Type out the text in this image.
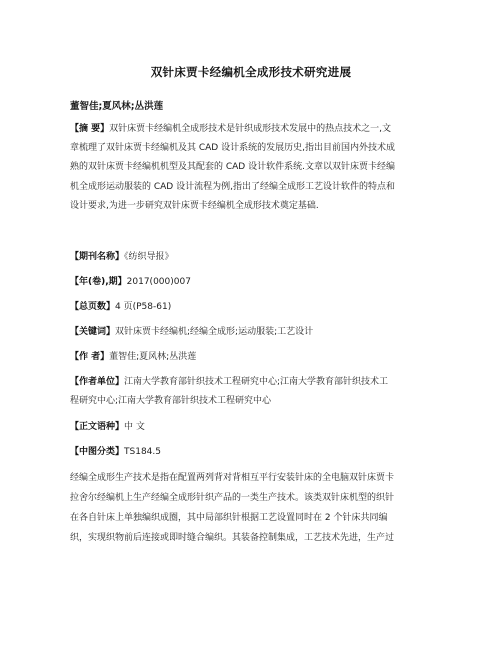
双针床贾卡经编机全成形技术研究进展
董智佳;夏风林;丛洪莲
【摘 要】双针床贾卡经编机全成形技术是针织成形技术发展中的热点技术之一,文
章梳理了双针床贾卡经编机及其 CAD 设计系统的发展历史,指出目前国内外技术成
熟的双针床贾卡经编机机型及其配套的 CAD 设计软件系统.文章以双针床贾卡经编
机全成形运动服装的 CAD 设计流程为例,指出了经编全成形工艺设计软件的特点和
设计要求,为进一步研究双针床贾卡经编机全成形技术奠定基础.
【期刊名称】《纺织导报》
【年(卷),期】2017(000)007
【总页数】4 页(P58-61)
【关键词】双针床贾卡经编机;经编全成形;运动服装;工艺设计
【作 者】董智佳;夏风林;丛洪莲
【作者单位】江南大学教育部针织技术工程研究中心;江南大学教育部针织技术工
程研究中心;江南大学教育部针织技术工程研究中心
【正文语种】中 文
【中图分类】TS184.5
经编全成形生产技术是指在配置两列背对背相互平行安装针床的全电脑双针床贾卡
拉舍尔经编机上生产经编全成形针织产品的一类生产技术。该类双针床机型的织针
在各自针床上单独编织成圈，其中局部织针根据工艺设置同时在 2 个针床共同编
织，实现织物前后连接或即时缝合编织。其装备控制集成，工艺技术先进，生产过
